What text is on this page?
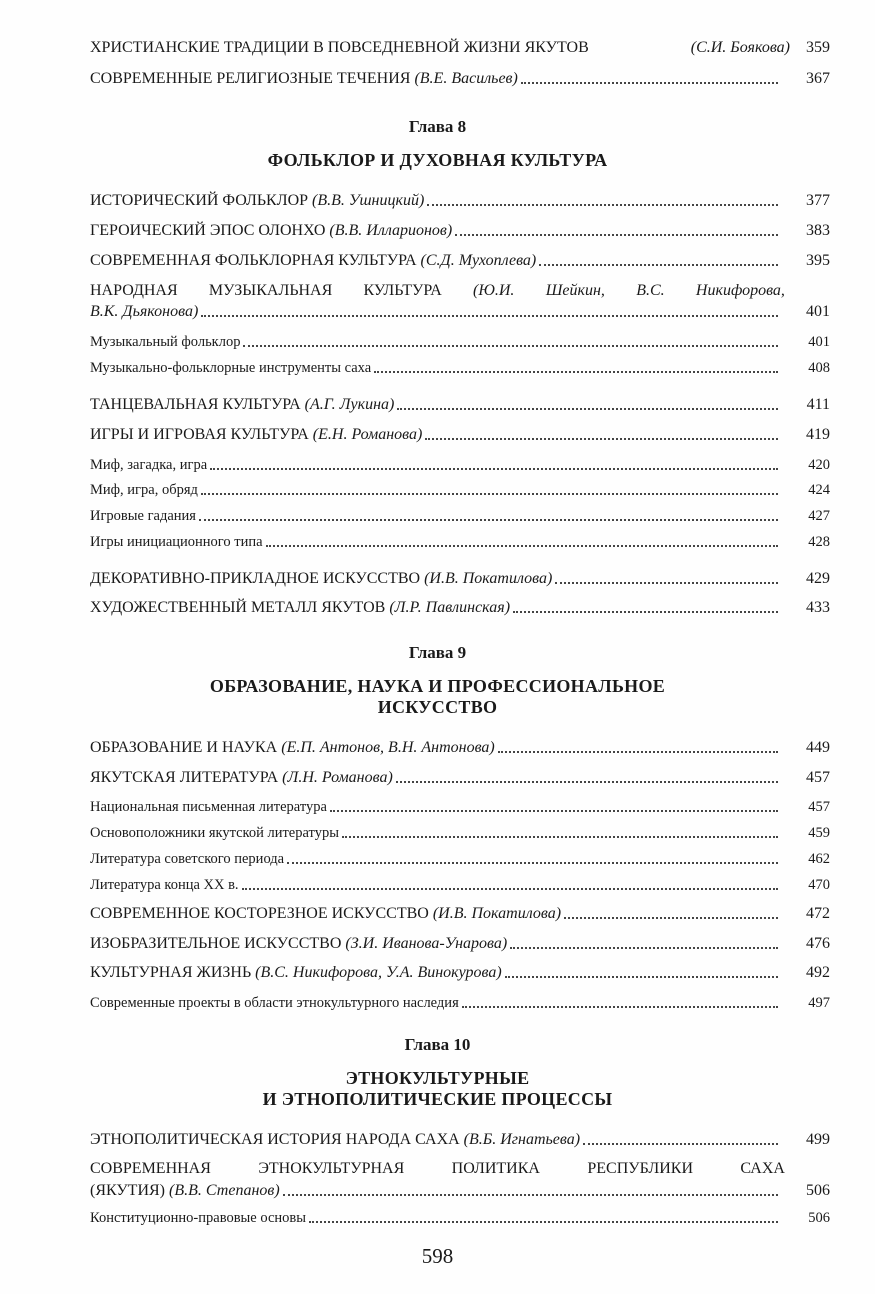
ХРИСТИАНСКИЕ ТРАДИЦИИ В ПОВСЕДНЕВНОЙ ЖИЗНИ ЯКУТОВ	(С.И. Боякова)	359
СОВРЕМЕННЫЕ РЕЛИГИОЗНЫЕ ТЕЧЕНИЯ (В.Е. Васильев)	367
Глава 8
ФОЛЬКЛОР И ДУХОВНАЯ КУЛЬТУРА
Глава 9
ОБРАЗОВАНИЕ, НАУКА И ПРОФЕССИОНАЛЬНОЕ
ИСКУССТВО
Глава 10
ЭТНОКУЛЬТУРНЫЕ
И ЭТНОПОЛИТИЧЕСКИЕ ПРОЦЕССЫ
598
ИСТОРИЧЕСКИЙ ФОЛЬКЛОР (В.В. Ушницкий)	377
ГЕРОИЧЕСКИЙ ЭПОС ОЛОНХО (В.В. Илларионов)	383
СОВРЕМЕННАЯ ФОЛЬКЛОРНАЯ КУЛЬТУРА (С.Д. Мухоплева)	395
НАРОДНАЯ МУЗЫКАЛЬНАЯ КУЛЬТУРА (Ю.И. Шейкин, В.С. Никифорова,
В.К. Дьяконова)	401
Музыкальный фольклор	401
Музыкально-фольклорные инструменты саха	408
ТАНЦЕВАЛЬНАЯ КУЛЬТУРА (А.Г. Лукина)	411
ИГРЫ И ИГРОВАЯ КУЛЬТУРА (Е.Н. Романова)	419
Миф, загадка, игра	420
Миф, игра, обряд	424
Игровые гадания	427
Игры инициационного типа	428
ДЕКОРАТИВНО-ПРИКЛАДНОЕ ИСКУССТВО (И.В. Покатилова)	429
ХУДОЖЕСТВЕННЫЙ МЕТАЛЛ ЯКУТОВ (Л.Р. Павлинская)	433
ОБРАЗОВАНИЕ И НАУКА (Е.П. Антонов, В.Н. Антонова)	449
ЯКУТСКАЯ ЛИТЕРАТУРА (Л.Н. Романова)	457
Национальная письменная литература	457
Основоположники якутской литературы	459
Литература советского периода	462
Литература конца XX в.	470
СОВРЕМЕННОЕ КОСТОРЕЗНОЕ ИСКУССТВО (И.В. Покатилова)	472
ИЗОБРАЗИТЕЛЬНОЕ ИСКУССТВО (З.И. Иванова-Унарова)	476
КУЛЬТУРНАЯ ЖИЗНЬ (В.С. Никифорова, У.А. Винокурова)	492
Современные проекты в области этнокультурного наследия	497
ЭТНОПОЛИТИЧЕСКАЯ ИСТОРИЯ НАРОДА САХА (В.Б. Игнатьева)	499
СОВРЕМЕННАЯ	ЭТНОКУЛЬТУРНАЯ	ПОЛИТИКА	РЕСПУБЛИКИ	САХА
(ЯКУТИЯ) (В.В. Степанов)	506
Конституционно-правовые основы	506
